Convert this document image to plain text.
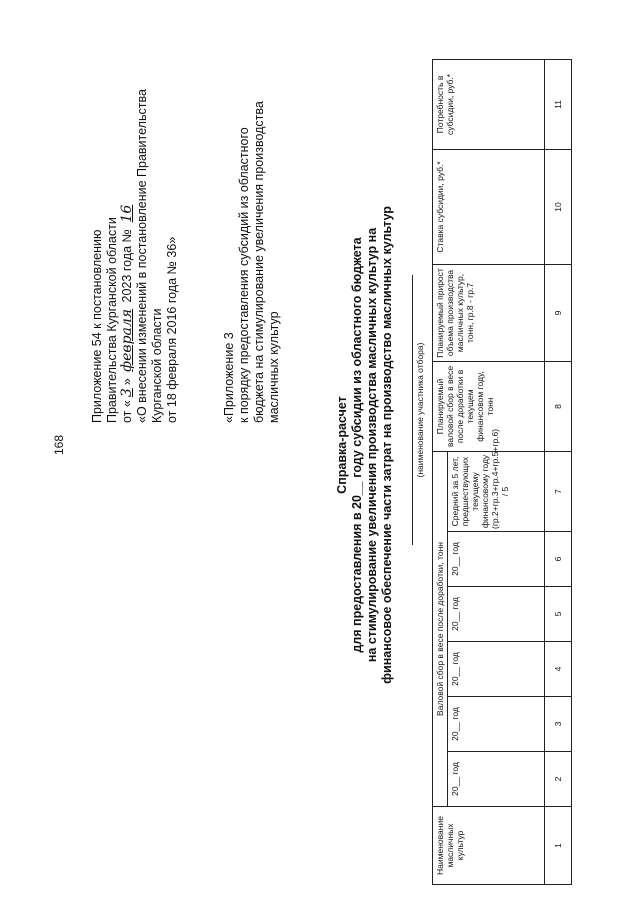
168
Приложение 54 к постановлению Правительства Курганской области от «3» февраля 2023 года № 16 «О внесении изменений в постановление Правительства Курганской области от 18 февраля 2016 года № 36»	«Приложение 3 к порядку предоставления субсидий из областного бюджета на стимулирование увеличения производства масличных культур
Справка-расчет для предоставления в 20__ году субсидии из областного бюджета на стимулирование увеличения производства масличных культур на финансовое обеспечение части затрат на производство масличных культур (наименование участника отбора)
Наименование масличных культур	Валовой сбор в весе после доработки, тонн						Планируемый валовой сбор в весе после доработки в текущем финансовом году, тонн	Планируемый прирост объема производства масличных культур, тонн, гр.8 - гр.7	Ставка субсидии, руб.*	Потребность в субсидии, руб.*
	20__ год	20__ год	20__ год	20__ год	20__ год	Средний за 5 лет, предшествующих текущему финансовому году (гр.2+гр.3+гр.4+гр.5+гр.6) / 5				
1	2	3	4	5	6	7	8	9	10	11
